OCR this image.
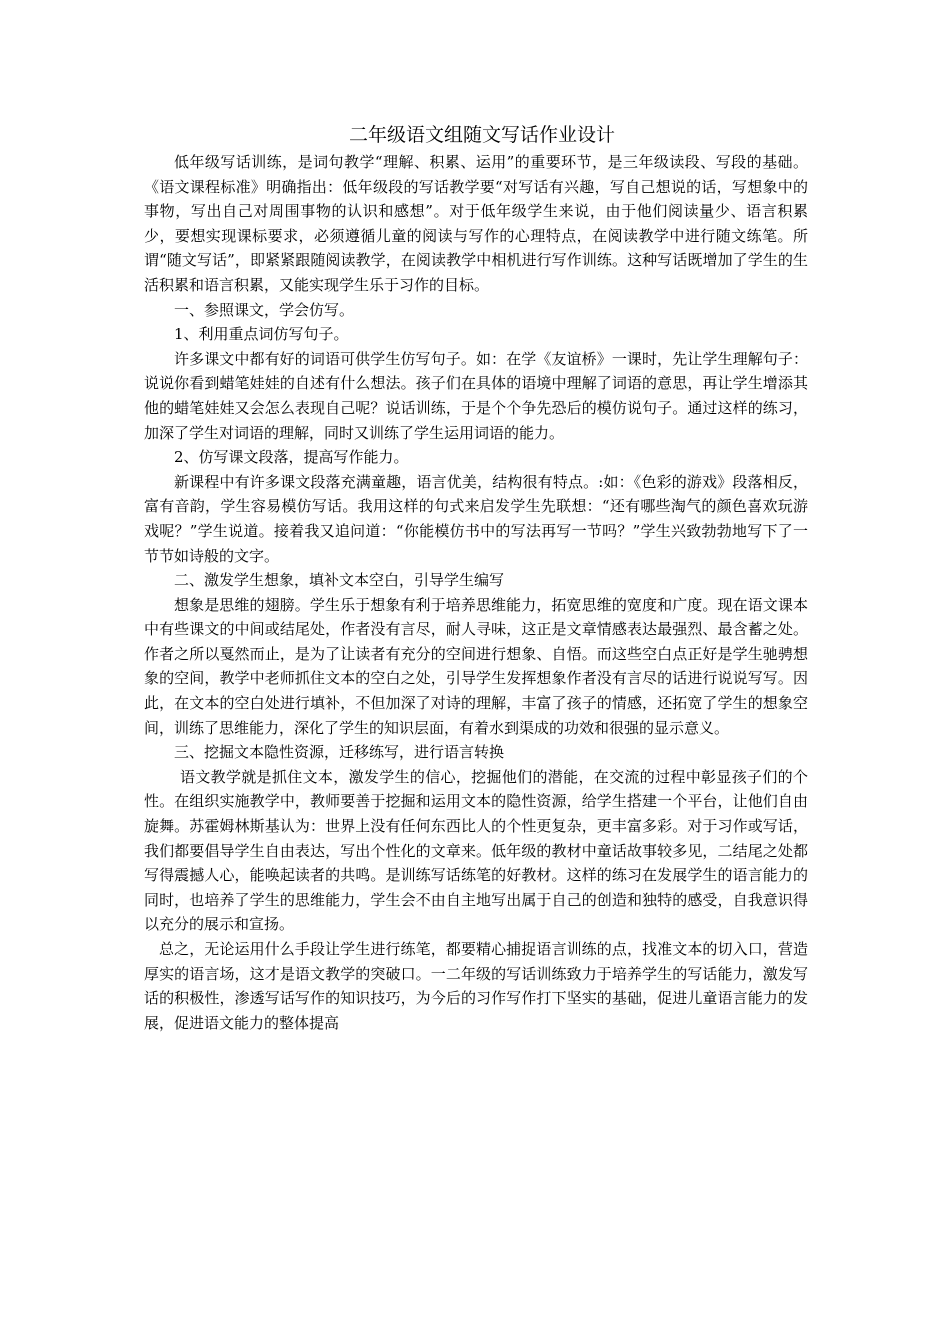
二年级语文组随文写话作业设计

低年级写话训练，是词句教学“理解、积累、运用”的重要环节，是三年级读段、写段的基础。《语文课程标准》明确指出：低年级段的写话教学要“对写话有兴趣，写自己想说的话，写想象中的事物，写出自己对周围事物的认识和感想”。对于低年级学生来说，由于他们阅读量少、语言积累少，要想实现课标要求，必须遵循儿童的阅读与写作的心理特点，在阅读教学中进行随文练笔。所谓“随文写话”，即紧紧跟随阅读教学，在阅读教学中相机进行写作训练。这种写话既增加了学生的生活积累和语言积累，又能实现学生乐于习作的目标。

一、参照课文，学会仿写。

1、利用重点词仿写句子。

许多课文中都有好的词语可供学生仿写句子。如：在学《友谊桥》一课时，先让学生理解句子：说说你看到蜡笔娃娃的自述有什么想法。孩子们在具体的语境中理解了词语的意思，再让学生增添其他的蜡笔娃娃又会怎么表现自己呢？说话训练，于是个个争先恐后的模仿说句子。通过这样的练习，加深了学生对词语的理解，同时又训练了学生运用词语的能力。

2、仿写课文段落，提高写作能力。

新课程中有许多课文段落充满童趣，语言优美，结构很有特点。:如：《色彩的游戏》段落相反，富有音韵，学生容易模仿写话。我用这样的句式来启发学生先联想：“还有哪些淘气的颜色喜欢玩游戏呢？”学生说道。接着我又追问道：“你能模仿书中的写法再写一节吗？”学生兴致勃勃地写下了一节节如诗般的文字。

二、激发学生想象，填补文本空白，引导学生编写

想象是思维的翅膀。学生乐于想象有利于培养思维能力，拓宽思维的宽度和广度。现在语文课本中有些课文的中间或结尾处，作者没有言尽，耐人寻味，这正是文章情感表达最强烈、最含蓄之处。作者之所以戛然而止，是为了让读者有充分的空间进行想象、自悟。而这些空白点正好是学生驰骋想象的空间，教学中老师抓住文本的空白之处，引导学生发挥想象作者没有言尽的话进行说说写写。因此，在文本的空白处进行填补，不但加深了对诗的理解，丰富了孩子的情感，还拓宽了学生的想象空间，训练了思维能力，深化了学生的知识层面，有着水到渠成的功效和很强的显示意义。

三、挖掘文本隐性资源，迁移练写，进行语言转换

语文教学就是抓住文本，激发学生的信心，挖掘他们的潜能，在交流的过程中彰显孩子们的个性。在组织实施教学中，教师要善于挖掘和运用文本的隐性资源，给学生搭建一个平台，让他们自由旋舞。苏霍姆林斯基认为：世界上没有任何东西比人的个性更复杂，更丰富多彩。对于习作或写话，我们都要倡导学生自由表达，写出个性化的文章来。低年级的教材中童话故事较多见，二结尾之处都写得震撼人心，能唤起读者的共鸣。是训练写话练笔的好教材。这样的练习在发展学生的语言能力的同时，也培养了学生的思维能力，学生会不由自主地写出属于自己的创造和独特的感受，自我意识得以充分的展示和宣扬。

总之，无论运用什么手段让学生进行练笔，都要精心捕捉语言训练的点，找准文本的切入口，营造厚实的语言场，这才是语文教学的突破口。一二年级的写话训练致力于培养学生的写话能力，激发写话的积极性，渗透写话写作的知识技巧，为今后的习作写作打下坚实的基础，促进儿童语言能力的发展，促进语文能力的整体提高
